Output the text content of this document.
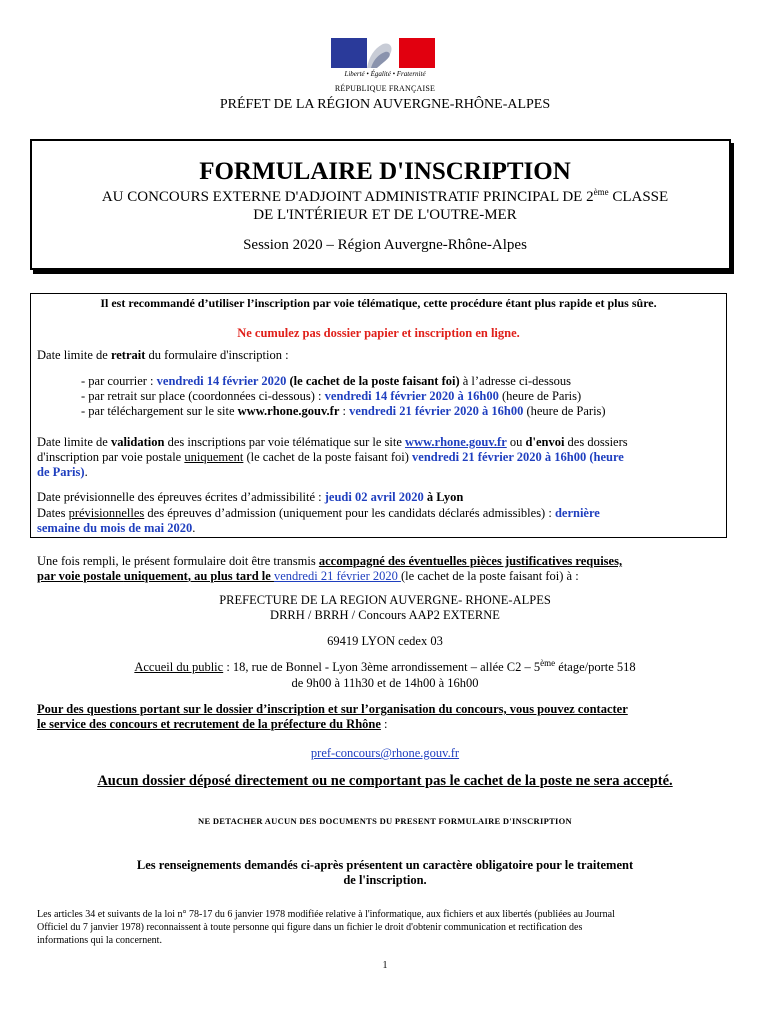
Liberté • Égalité • Fraternité
RÉPUBLIQUE FRANÇAISE
PRÉFET DE LA RÉGION AUVERGNE-RHÔNE-ALPES
FORMULAIRE D'INSCRIPTION
AU CONCOURS EXTERNE D'ADJOINT ADMINISTRATIF PRINCIPAL DE 2ème CLASSE
DE L'INTÉRIEUR ET DE L'OUTRE-MER
Session 2020 – Région Auvergne-Rhône-Alpes
Il est recommandé d’utiliser l’inscription par voie télématique, cette procédure étant plus rapide et plus sûre.
Ne cumulez pas dossier papier et inscription en ligne.
Date limite de retrait du formulaire d'inscription :
- par courrier : vendredi 14 février 2020 (le cachet de la poste faisant foi) à l’adresse ci-dessous
- par retrait sur place (coordonnées ci-dessous) : vendredi 14 février 2020 à 16h00 (heure de Paris)
- par téléchargement sur le site www.rhone.gouv.fr : vendredi 21 février 2020 à 16h00 (heure de Paris)
Date limite de validation des inscriptions par voie télématique sur le site www.rhone.gouv.fr ou d'envoi des dossiers
d'inscription par voie postale uniquement (le cachet de la poste faisant foi) vendredi 21 février 2020 à 16h00 (heure
de Paris).
Date prévisionnelle des épreuves écrites d’admissibilité : jeudi 02 avril 2020 à Lyon
Dates prévisionnelles des épreuves d’admission (uniquement pour les candidats déclarés admissibles) : dernière
semaine du mois de mai 2020.
Une fois rempli, le présent formulaire doit être transmis accompagné des éventuelles pièces justificatives requises,
par voie postale uniquement, au plus tard le vendredi 21 février 2020 (le cachet de la poste faisant foi) à :
PREFECTURE DE LA REGION AUVERGNE- RHONE-ALPES
DRRH / BRRH / Concours AAP2 EXTERNE
69419 LYON cedex 03
Accueil du public : 18, rue de Bonnel - Lyon 3ème arrondissement – allée C2 – 5ème étage/porte 518
de 9h00 à 11h30 et de 14h00 à 16h00
Pour des questions portant sur le dossier d’inscription et sur l’organisation du concours, vous pouvez contacter
le service des concours et recrutement de la préfecture du Rhône :
pref-concours@rhone.gouv.fr
Aucun dossier déposé directement ou ne comportant pas le cachet de la poste ne sera accepté.
NE DETACHER AUCUN DES DOCUMENTS DU PRESENT FORMULAIRE D'INSCRIPTION
Les renseignements demandés ci-après présentent un caractère obligatoire pour le traitement
de l'inscription.
Les articles 34 et suivants de la loi n° 78-17 du 6 janvier 1978 modifiée relative à l'informatique, aux fichiers et aux libertés (publiées au Journal
Officiel du 7 janvier 1978) reconnaissent à toute personne qui figure dans un fichier le droit d'obtenir communication et rectification des
informations qui la concernent.
1
